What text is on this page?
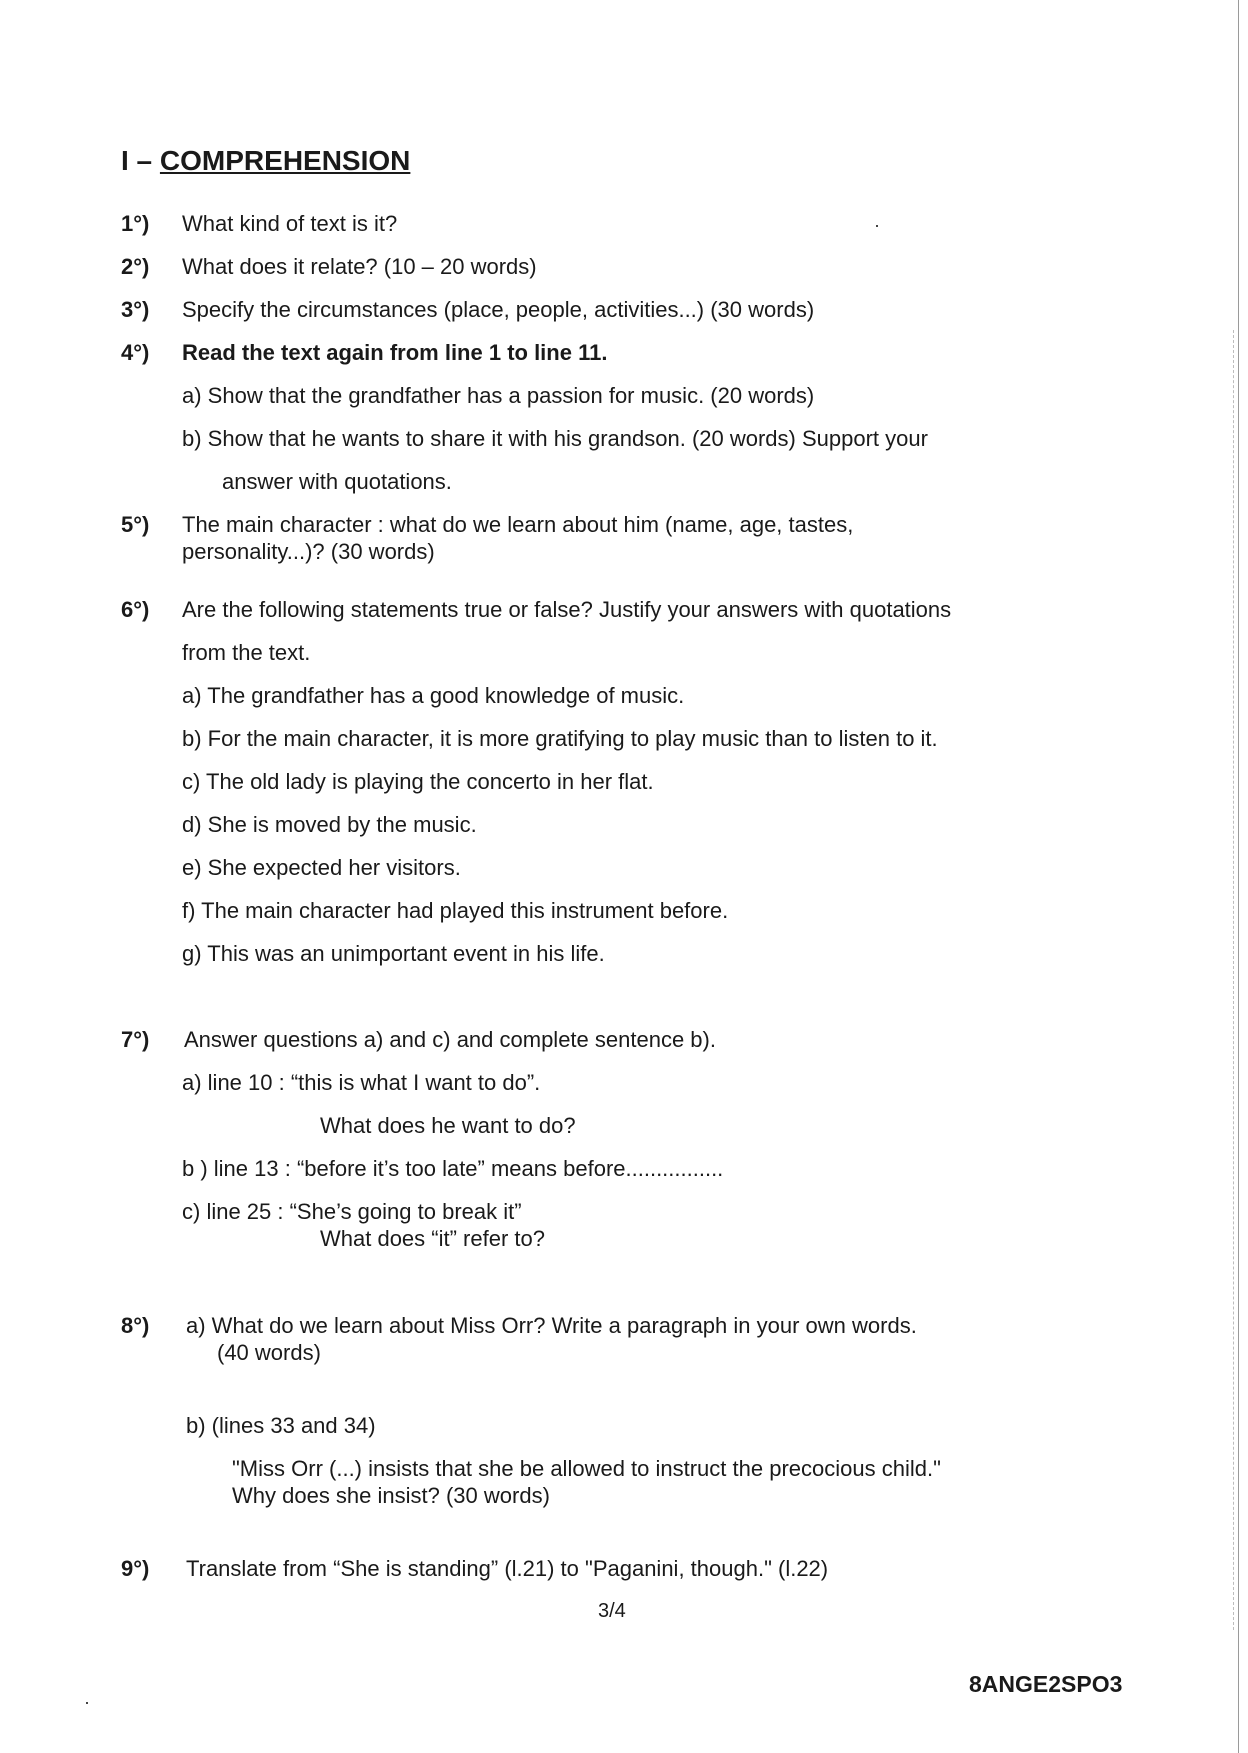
I – COMPREHENSION
1°) What kind of text is it?
2°) What does it relate? (10 – 20 words)
3°) Specify the circumstances (place, people, activities...) (30 words)
4°) Read the text again from line 1 to line 11.
a) Show that the grandfather has a passion for music. (20 words)
b) Show that he wants to share it with his grandson. (20 words) Support your
answer with quotations.
5°) The main character : what do we learn about him (name, age, tastes,
personality...)? (30 words)
6°) Are the following statements true or false? Justify your answers with quotations
from the text.
a) The grandfather has a good knowledge of music.
b) For the main character, it is more gratifying to play music than to listen to it.
c) The old lady is playing the concerto in her flat.
d) She is moved by the music.
e) She expected her visitors.
f) The main character had played this instrument before.
g) This was an unimportant event in his life.
7°) Answer questions a) and c) and complete sentence b).
a) line 10 : “this is what I want to do”.
What does he want to do?
b ) line 13 : “before it’s too late” means before................
c) line 25 : “She’s going to break it”
What does “it” refer to?
8°) a) What do we learn about Miss Orr? Write a paragraph in your own words.
(40 words)
b) (lines 33 and 34)
"Miss Orr (...) insists that she be allowed to instruct the precocious child."
Why does she insist? (30 words)
9°) Translate from “She is standing” (l.21) to "Paganini, though." (l.22)
3/4
8ANGE2SPO3
